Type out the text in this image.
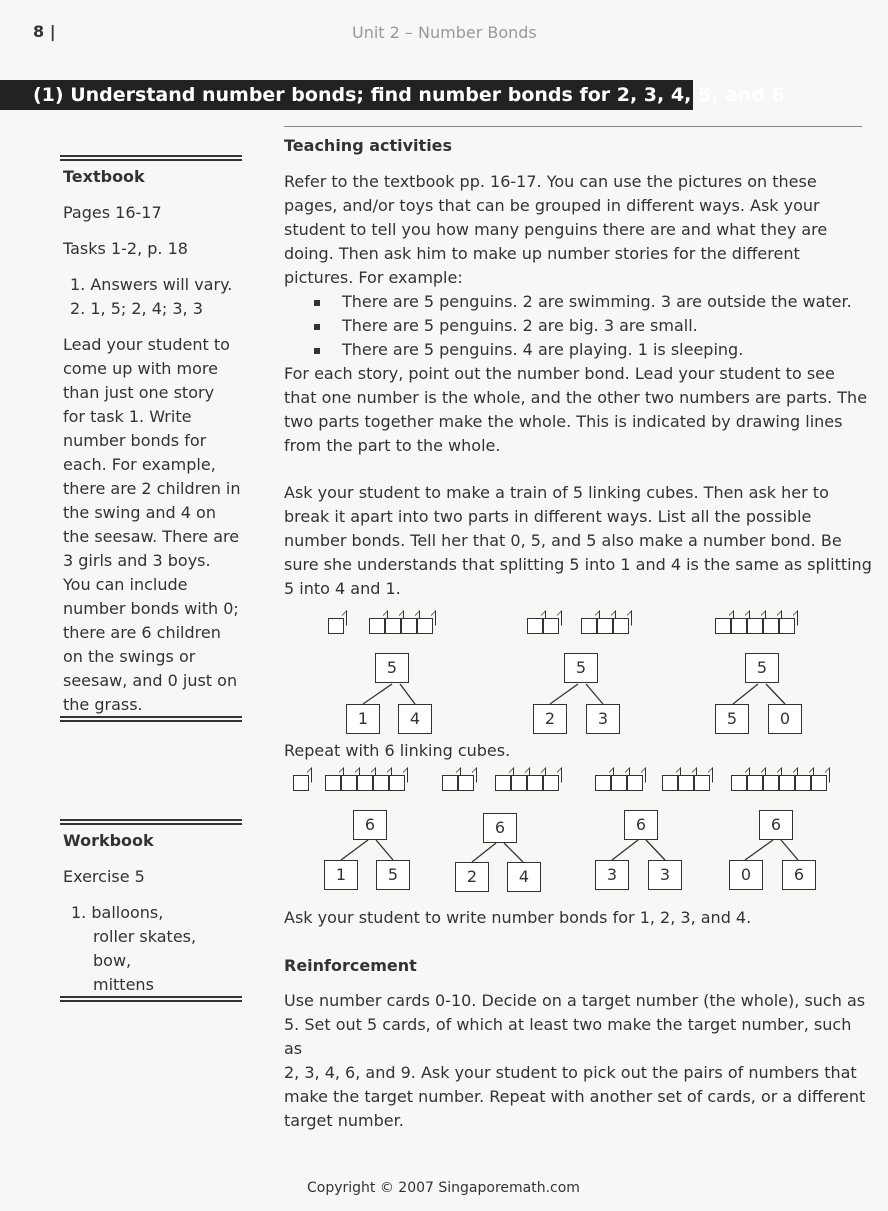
8 |	Unit 2 – Number Bonds
(1) Understand number bonds; find number bonds for 2, 3, 4, 5, and 6
Textbook
Pages 16-17
Tasks 1-2, p. 18
1. Answers will vary.
2. 1, 5; 2, 4; 3, 3
Lead your student to
come up with more
than just one story
for task 1. Write
number bonds for
each. For example,
there are 2 children in
the swing and 4 on
the seesaw. There are
3 girls and 3 boys.
You can include
number bonds with 0;
there are 6 children
on the swings or
seesaw, and 0 just on
the grass.
Workbook
Exercise 5
1. balloons,
roller skates,
bow,
mittens
Teaching activities
Refer to the textbook pp. 16-17. You can use the pictures on these
pages, and/or toys that can be grouped in different ways. Ask your
student to tell you how many penguins there are and what they are
doing. Then ask him to make up number stories for the different
pictures. For example:
There are 5 penguins. 2 are swimming. 3 are outside the water.
There are 5 penguins. 2 are big. 3 are small.
There are 5 penguins. 4 are playing. 1 is sleeping.
For each story, point out the number bond. Lead your student to see
that one number is the whole, and the other two numbers are parts. The
two parts together make the whole. This is indicated by drawing lines
from the part to the whole.
Ask your student to make a train of 5 linking cubes. Then ask her to
break it apart into two parts in different ways. List all the possible
number bonds. Tell her that 0, 5, and 5 also make a number bond. Be
sure she understands that splitting 5 into 1 and 4 is the same as splitting
5 into 4 and 1.
5
1	4
5
2	3
5
5	0
Repeat with 6 linking cubes.
6
1	5
6
2	4
6
3	3
6
0	6
Ask your student to write number bonds for 1, 2, 3, and 4.
Reinforcement
Use number cards 0-10. Decide on a target number (the whole), such as
5. Set out 5 cards, of which at least two make the target number, such as
2, 3, 4, 6, and 9. Ask your student to pick out the pairs of numbers that
make the target number. Repeat with another set of cards, or a different
target number.
Copyright © 2007 Singaporemath.com
